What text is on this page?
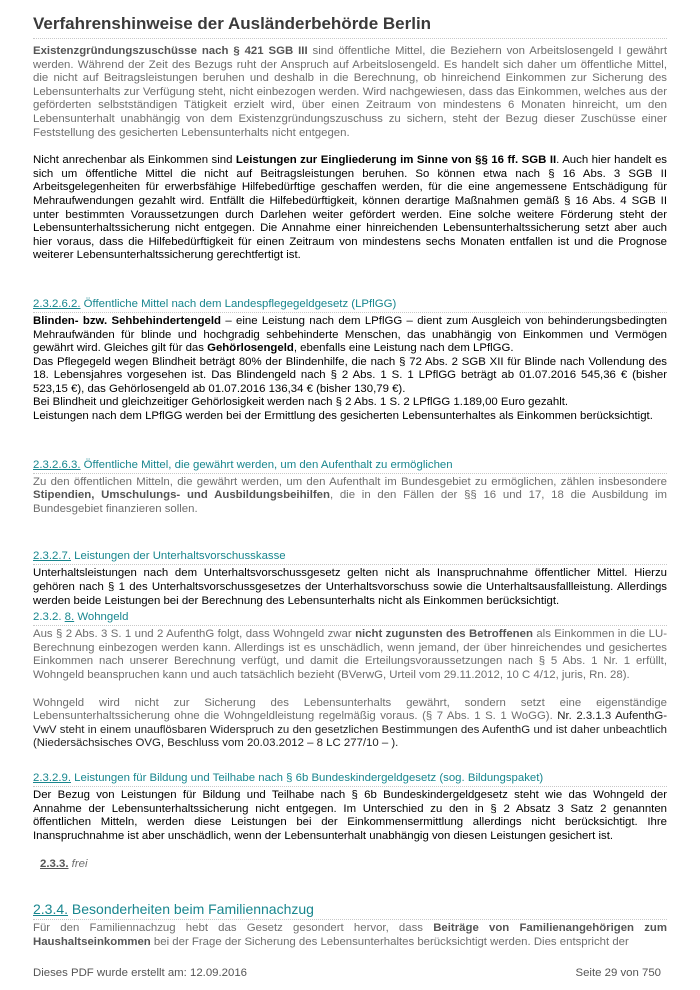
Verfahrenshinweise der Ausländerbehörde Berlin

Existenzgründungszuschüsse nach § 421 SGB III sind öffentliche Mittel, die Beziehern von Arbeitslosengeld I gewährt werden. Während der Zeit des Bezugs ruht der Anspruch auf Arbeitslosengeld. Es handelt sich daher um öffentliche Mittel, die nicht auf Beitragsleistungen beruhen und deshalb in die Berechnung, ob hinreichend Einkommen zur Sicherung des Lebensunterhalts zur Verfügung steht, nicht einbezogen werden. Wird nachgewiesen, dass das Einkommen, welches aus der geförderten selbstständigen Tätigkeit erzielt wird, über einen Zeitraum von mindestens 6 Monaten hinreicht, um den Lebensunterhalt unabhängig von dem Existenzgründungszuschuss zu sichern, steht der Bezug dieser Zuschüsse einer Feststellung des gesicherten Lebensunterhalts nicht entgegen.

Nicht anrechenbar als Einkommen sind Leistungen zur Eingliederung im Sinne von §§ 16 ff. SGB II. Auch hier handelt es sich um öffentliche Mittel die nicht auf Beitragsleistungen beruhen. So können etwa nach § 16 Abs. 3 SGB II Arbeitsgelegenheiten für erwerbsfähige Hilfebedürftige geschaffen werden, für die eine angemessene Entschädigung für Mehraufwendungen gezahlt wird. Entfällt die Hilfebedürftigkeit, können derartige Maßnahmen gemäß § 16 Abs. 4 SGB II unter bestimmten Voraussetzungen durch Darlehen weiter gefördert werden. Eine solche weitere Förderung steht der Lebensunterhaltssicherung nicht entgegen. Die Annahme einer hinreichenden Lebensunterhaltssicherung setzt aber auch hier voraus, dass die Hilfebedürftigkeit für einen Zeitraum von mindestens sechs Monaten entfallen ist und die Prognose weiterer Lebensunterhaltssicherung gerechtfertigt ist.

2.3.2.6.2. Öffentliche Mittel nach dem Landespflegegeldgesetz (LPflGG)

Blinden- bzw. Sehbehindertengeld – eine Leistung nach dem LPflGG – dient zum Ausgleich von behinderungsbedingten Mehraufwänden für blinde und hochgradig sehbehinderte Menschen, das unabhängig von Einkommen und Vermögen gewährt wird. Gleiches gilt für das Gehörlosengeld, ebenfalls eine Leistung nach dem LPflGG.

Das Pflegegeld wegen Blindheit beträgt 80% der Blindenhilfe, die nach § 72 Abs. 2 SGB XII für Blinde nach Vollendung des 18. Lebensjahres vorgesehen ist. Das Blindengeld nach § 2 Abs. 1 S. 1 LPflGG beträgt ab 01.07.2016 545,36 € (bisher 523,15 €), das Gehörlosengeld ab 01.07.2016 136,34 € (bisher 130,79 €).

Bei Blindheit und gleichzeitiger Gehörlosigkeit werden nach § 2 Abs. 1 S. 2 LPflGG 1.189,00 Euro gezahlt.

Leistungen nach dem LPflGG werden bei der Ermittlung des gesicherten Lebensunterhaltes als Einkommen berücksichtigt.

2.3.2.6.3. Öffentliche Mittel, die gewährt werden, um den Aufenthalt zu ermöglichen

Zu den öffentlichen Mitteln, die gewährt werden, um den Aufenthalt im Bundesgebiet zu ermöglichen, zählen insbesondere Stipendien, Umschulungs- und Ausbildungsbeihilfen, die in den Fällen der §§ 16 und 17, 18 die Ausbildung im Bundesgebiet finanzieren sollen.

2.3.2.7. Leistungen der Unterhaltsvorschusskasse

Unterhaltsleistungen nach dem Unterhaltsvorschussgesetz gelten nicht als Inanspruchnahme öffentlicher Mittel. Hierzu gehören nach § 1 des Unterhaltsvorschussgesetzes der Unterhaltsvorschuss sowie die Unterhaltsausfallleistung. Allerdings werden beide Leistungen bei der Berechnung des Lebensunterhalts nicht als Einkommen berücksichtigt.

2.3.2. 8. Wohngeld

Aus § 2 Abs. 3 S. 1 und 2 AufenthG folgt, dass Wohngeld zwar nicht zugunsten des Betroffenen als Einkommen in die LU- Berechnung einbezogen werden kann. Allerdings ist es unschädlich, wenn jemand, der über hinreichendes und gesichertes Einkommen nach unserer Berechnung verfügt, und damit die Erteilungsvoraussetzungen nach § 5 Abs. 1 Nr. 1 erfüllt, Wohngeld beanspruchen kann und auch tatsächlich bezieht (BVerwG, Urteil vom 29.11.2012, 10 C 4/12, juris, Rn. 28).

Wohngeld wird nicht zur Sicherung des Lebensunterhalts gewährt, sondern setzt eine eigenständige Lebensunterhaltssicherung ohne die Wohngeldleistung regelmäßig voraus. (§ 7 Abs. 1 S. 1 WoGG). Nr. 2.3.1.3 AufenthG-VwV steht in einem unauflösbaren Widerspruch zu den gesetzlichen Bestimmungen des AufenthG und ist daher unbeachtlich (Niedersächsisches OVG, Beschluss vom 20.03.2012 – 8 LC 277/10 – ).

2.3.2.9. Leistungen für Bildung und Teilhabe nach § 6b Bundeskindergeldgesetz (sog. Bildungspaket)

Der Bezug von Leistungen für Bildung und Teilhabe nach § 6b Bundeskindergeldgesetz steht wie das Wohngeld der Annahme der Lebensunterhaltssicherung nicht entgegen. Im Unterschied zu den in § 2 Absatz 3 Satz 2 genannten öffentlichen Mitteln, werden diese Leistungen bei der Einkommensermittlung allerdings nicht berücksichtigt. Ihre Inanspruchnahme ist aber unschädlich, wenn der Lebensunterhalt unabhängig von diesen Leistungen gesichert ist.

2.3.3. frei
2.3.4. Besonderheiten beim Familiennachzug

Für den Familiennachzug hebt das Gesetz gesondert hervor, dass Beiträge von Familienangehörigen zum Haushaltseinkommen bei der Frage der Sicherung des Lebensunterhaltes berücksichtigt werden. Dies entspricht der

Dieses PDF wurde erstellt am: 12.09.2016	Seite 29 von 750
